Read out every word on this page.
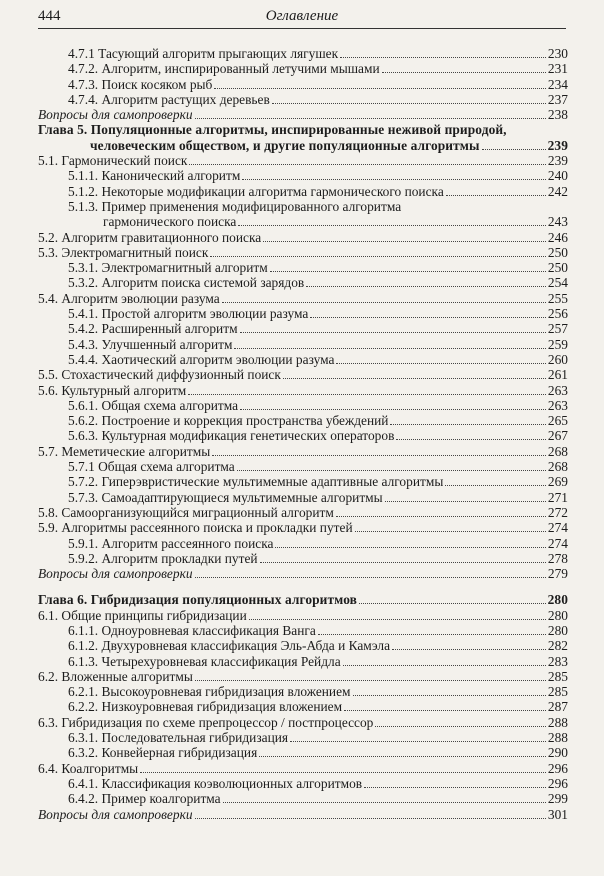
444	Оглавление
4.7.1 Тасующий алгоритм прыгающих лягушек	230
4.7.2. Алгоритм, инспирированный летучими мышами	231
4.7.3. Поиск косяком рыб	234
4.7.4. Алгоритм растущих деревьев	237
Вопросы для самопроверки	238
Глава 5. Популяционные алгоритмы, инспирированные неживой природой,
человеческим обществом, и другие популяционные алгоритмы	239
5.1. Гармонический поиск	239
5.1.1. Канонический алгоритм	240
5.1.2. Некоторые модификации алгоритма гармонического поиска	242
5.1.3. Пример применения модифицированного алгоритма
гармонического поиска	243
5.2. Алгоритм гравитационного поиска	246
5.3. Электромагнитный поиск	250
5.3.1. Электромагнитный алгоритм	250
5.3.2. Алгоритм поиска системой зарядов	254
5.4. Алгоритм эволюции разума	255
5.4.1. Простой алгоритм эволюции разума	256
5.4.2. Расширенный алгоритм	257
5.4.3. Улучшенный алгоритм	259
5.4.4. Хаотический алгоритм эволюции разума	260
5.5. Стохастический диффузионный поиск	261
5.6. Культурный алгоритм	263
5.6.1. Общая схема алгоритма	263
5.6.2. Построение и коррекция пространства убеждений	265
5.6.3. Культурная модификация генетических операторов	267
5.7. Меметические алгоритмы	268
5.7.1 Общая схема алгоритма	268
5.7.2. Гиперэвристические мультимемные адаптивные алгоритмы	269
5.7.3. Самоадаптирующиеся мультимемные алгоритмы	271
5.8. Самоорганизующийся миграционный алгоритм	272
5.9. Алгоритмы рассеянного поиска и прокладки путей	274
5.9.1. Алгоритм рассеянного поиска	274
5.9.2. Алгоритм прокладки путей	278
Вопросы для самопроверки	279
Глава 6. Гибридизация популяционных алгоритмов	280
6.1. Общие принципы гибридизации	280
6.1.1. Одноуровневая классификация Ванга	280
6.1.2. Двухуровневая классификация Эль-Абда и Камэла	282
6.1.3. Четырехуровневая классификация Рейдла	283
6.2. Вложенные алгоритмы	285
6.2.1. Высокоуровневая гибридизация вложением	285
6.2.2. Низкоуровневая гибридизация вложением	287
6.3. Гибридизация по схеме препроцессор / постпроцессор	288
6.3.1. Последовательная гибридизация	288
6.3.2. Конвейерная гибридизация	290
6.4. Коалгоритмы	296
6.4.1. Классификация коэволюционных алгоритмов	296
6.4.2. Пример коалгоритма	299
Вопросы для самопроверки	301
